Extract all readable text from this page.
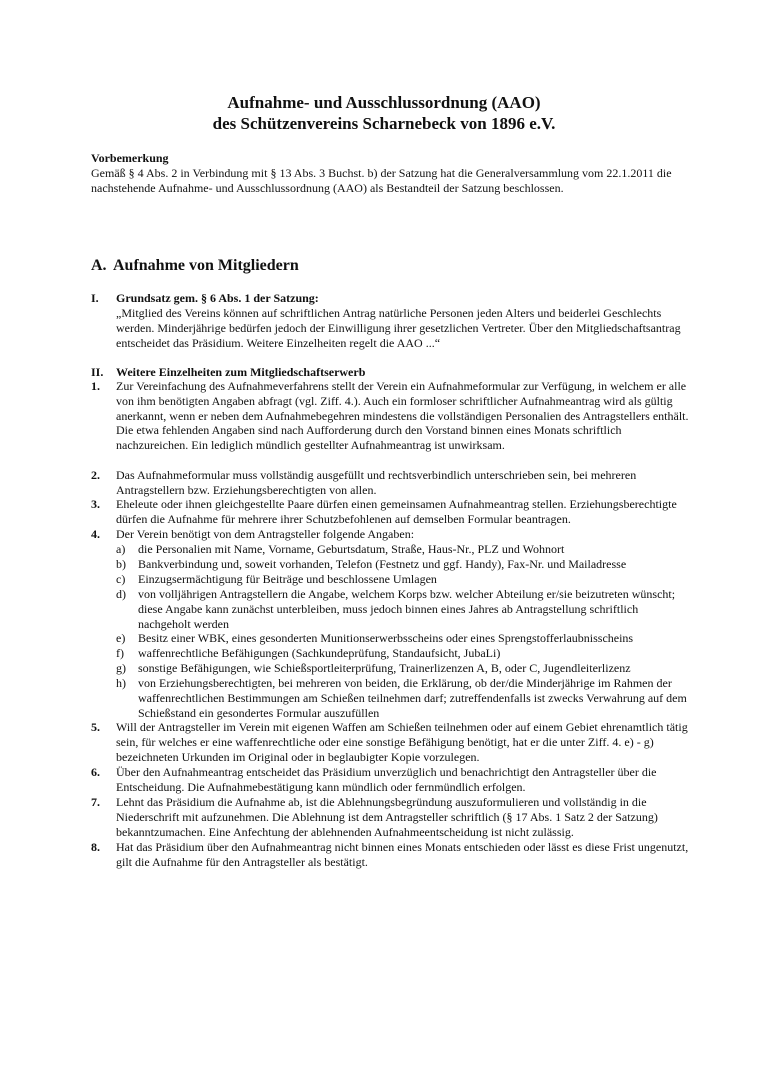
Aufnahme- und Ausschlussordnung (AAO)
des Schützenvereins Scharnebeck von 1896 e.V.
Vorbemerkung
Gemäß § 4 Abs. 2 in Verbindung mit § 13 Abs. 3 Buchst. b) der Satzung hat die Generalversammlung vom 22.1.2011 die nachstehende Aufnahme- und Ausschlussordnung (AAO) als Bestandteil der Satzung beschlossen.
A. Aufnahme von Mitgliedern
I. Grundsatz gem. § 6 Abs. 1 der Satzung:
„Mitglied des Vereins können auf schriftlichen Antrag natürliche Personen jeden Alters und beiderlei Geschlechts werden. Minderjährige bedürfen jedoch der Einwilligung ihrer gesetzlichen Vertreter. Über den Mitgliedschaftsantrag entscheidet das Präsidium. Weitere Einzelheiten regelt die AAO ...“
II. Weitere Einzelheiten zum Mitgliedschaftserwerb
1. Zur Vereinfachung des Aufnahmeverfahrens stellt der Verein ein Aufnahmeformular zur Verfügung, in welchem er alle von ihm benötigten Angaben abfragt (vgl. Ziff. 4.). Auch ein formloser schriftlicher Aufnahmeantrag wird als gültig anerkannt, wenn er neben dem Aufnahmebegehren mindestens die vollständigen Personalien des Antragstellers enthält. Die etwa fehlenden Angaben sind nach Aufforderung durch den Vorstand binnen eines Monats schriftlich nachzureichen. Ein lediglich mündlich gestellter Aufnahmeantrag ist unwirksam.
2. Das Aufnahmeformular muss vollständig ausgefüllt und rechtsverbindlich unterschrieben sein, bei mehreren Antragstellern bzw. Erziehungsberechtigten von allen.
3. Eheleute oder ihnen gleichgestellte Paare dürfen einen gemeinsamen Aufnahmeantrag stellen. Erziehungsberechtigte dürfen die Aufnahme für mehrere ihrer Schutzbefohlenen auf demselben Formular beantragen.
4. Der Verein benötigt von dem Antragsteller folgende Angaben:
a) die Personalien mit Name, Vorname, Geburtsdatum, Straße, Haus-Nr., PLZ und Wohnort
b) Bankverbindung und, soweit vorhanden, Telefon (Festnetz und ggf. Handy), Fax-Nr. und Mailadresse
c) Einzugsermächtigung für Beiträge und beschlossene Umlagen
d) von volljährigen Antragstellern die Angabe, welchem Korps bzw. welcher Abteilung er/sie beizutreten wünscht; diese Angabe kann zunächst unterbleiben, muss jedoch binnen eines Jahres ab Antragstellung schriftlich nachgeholt werden
e) Besitz einer WBK, eines gesonderten Munitionserwerbsscheins oder eines Sprengstofferlaubnisscheins
f) waffenrechtliche Befähigungen (Sachkundeprüfung, Standaufsicht, JubaLi)
g) sonstige Befähigungen, wie Schießsportleiterprüfung, Trainerlizenzen A, B, oder C, Jugendleiterlizenz
h) von Erziehungsberechtigten, bei mehreren von beiden, die Erklärung, ob der/die Minderjährige im Rahmen der waffenrechtlichen Bestimmungen am Schießen teilnehmen darf; zutreffendenfalls ist zwecks Verwahrung auf dem Schießstand ein gesondertes Formular auszufüllen
5. Will der Antragsteller im Verein mit eigenen Waffen am Schießen teilnehmen oder auf einem Gebiet ehrenamtlich tätig sein, für welches er eine waffenrechtliche oder eine sonstige Befähigung benötigt, hat er die unter Ziff. 4. e) - g) bezeichneten Urkunden im Original oder in beglaubigter Kopie vorzulegen.
6. Über den Aufnahmeantrag entscheidet das Präsidium unverzüglich und benachrichtigt den Antragsteller über die Entscheidung. Die Aufnahmebestätigung kann mündlich oder fernmündlich erfolgen.
7. Lehnt das Präsidium die Aufnahme ab, ist die Ablehnungsbegründung auszuformulieren und vollständig in die Niederschrift mit aufzunehmen. Die Ablehnung ist dem Antragsteller schriftlich (§ 17 Abs. 1 Satz 2 der Satzung) bekanntzumachen. Eine Anfechtung der ablehnenden Aufnahmeentscheidung ist nicht zulässig.
8. Hat das Präsidium über den Aufnahmeantrag nicht binnen eines Monats entschieden oder lässt es diese Frist ungenutzt, gilt die Aufnahme für den Antragsteller als bestätigt.
